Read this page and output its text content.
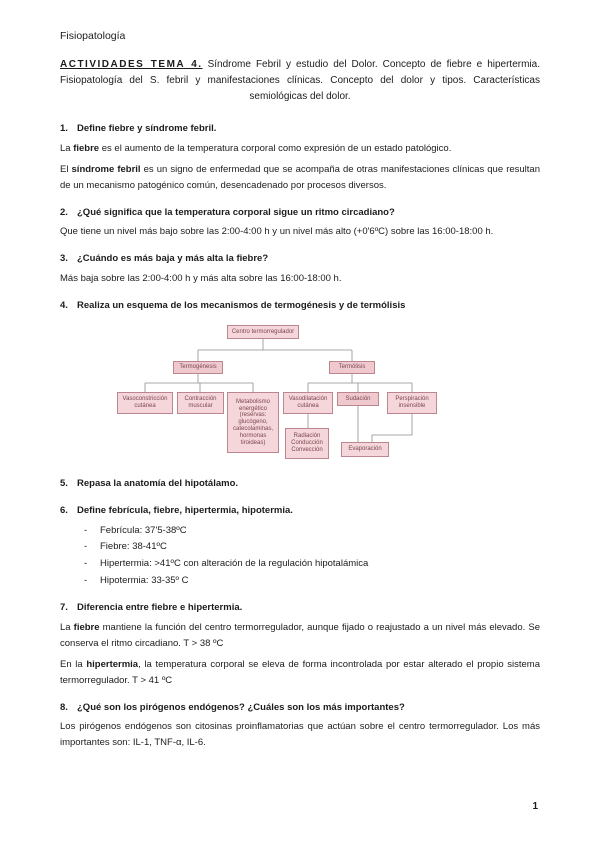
Fisiopatología

ACTIVIDADES TEMA 4. Síndrome Febril y estudio del Dolor. Concepto de fiebre e hipertermia. Fisiopatología del S. febril y manifestaciones clínicas. Concepto del dolor y tipos. Características semiológicas del dolor.

1. Define fiebre y síndrome febril.

La fiebre es el aumento de la temperatura corporal como expresión de un estado patológico.

El síndrome febril es un signo de enfermedad que se acompaña de otras manifestaciones clínicas que resultan de un mecanismo patogénico común, desencadenado por procesos diversos.

2. ¿Qué significa que la temperatura corporal sigue un ritmo circadiano?

Que tiene un nivel más bajo sobre las 2:00-4:00 h y un nivel más alto (+0'6ºC) sobre las 16:00-18:00 h.

3. ¿Cuándo es más baja y más alta la fiebre?

Más baja sobre las 2:00-4:00 h y más alta sobre las 16:00-18:00 h.

4. Realiza un esquema de los mecanismos de termogénesis y de termólisis
Centro termorregulador
Termogénesis	Termólisis
Vasoconstricción cutánea
Contracción muscular
Metabolismo energético (reservas: glucógeno, catecolaminas, hormonas tiroideas)
Vasodilatación cutánea
Sudación	Perspiración insensible
Radiación Conducción Convección	Evaporación
5. Repasa la anatomía del hipotálamo.
6. Define febrícula, fiebre, hipertermia, hipotermia.
-	Febrícula: 37'5-38ºC
-	Fiebre: 38-41ºC
-	Hipertermia: >41ºC con alteración de la regulación hipotalámica
-	Hipotermia: 33-35º C
7. Diferencia entre fiebre e hipertermia.

La fiebre mantiene la función del centro termorregulador, aunque fijado o reajustado a un nivel más elevado. Se conserva el ritmo circadiano. T > 38 ºC

En la hipertermia, la temperatura corporal se eleva de forma incontrolada por estar alterado el propio sistema termorregulador. T > 41 ºC

8. ¿Qué son los pirógenos endógenos? ¿Cuáles son los más importantes?

Los pirógenos endógenos son citosinas proinflamatorias que actúan sobre el centro termorregulador. Los más importantes son: IL-1, TNF-α, IL-6.

1
